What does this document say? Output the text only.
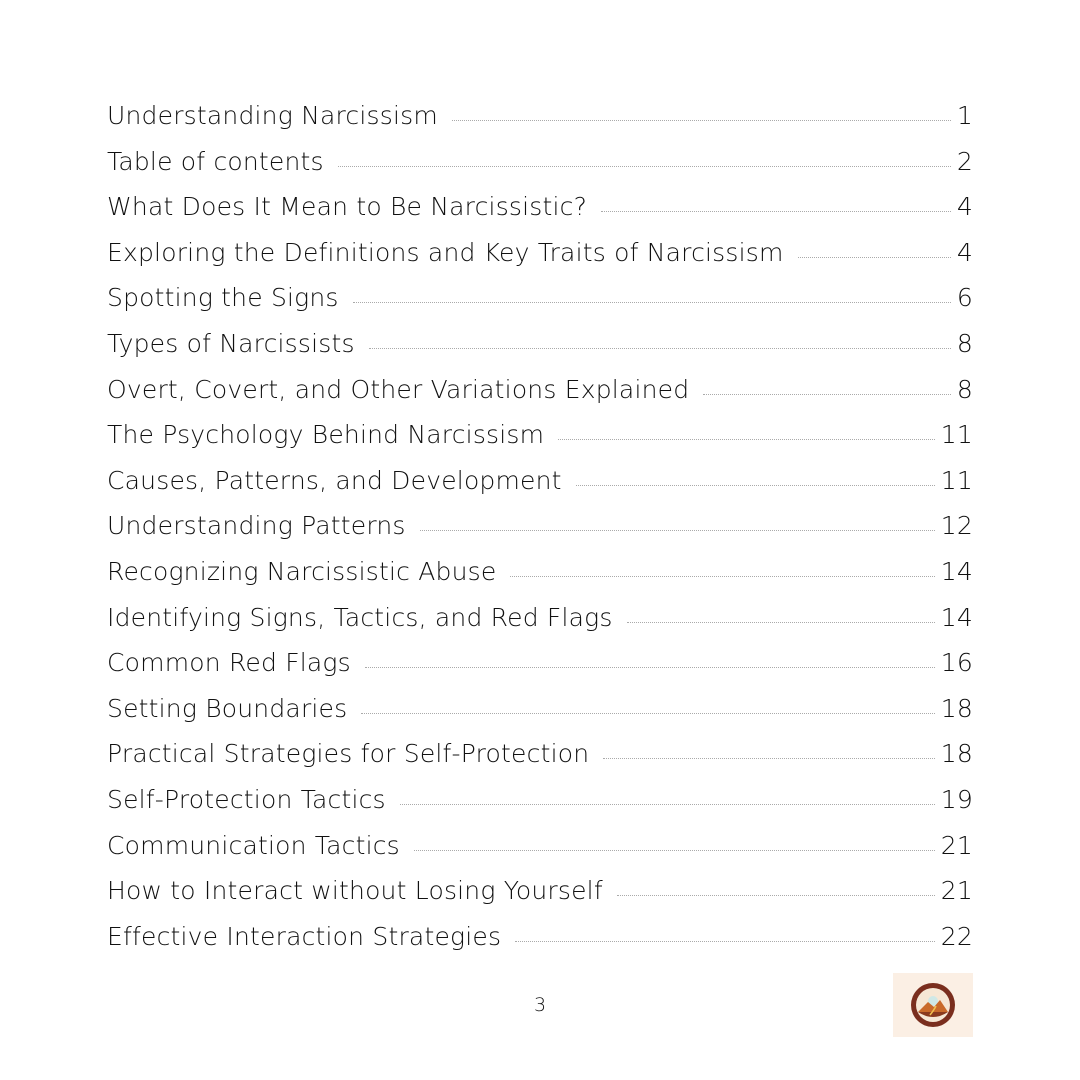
Understanding Narcissism	1
Table of contents	2
What Does It Mean to Be Narcissistic?	4
Exploring the Definitions and Key Traits of Narcissism	4
Spotting the Signs	6
Types of Narcissists	8
Overt, Covert, and Other Variations Explained	8
The Psychology Behind Narcissism	11
Causes, Patterns, and Development	11
Understanding Patterns	12
Recognizing Narcissistic Abuse	14
Identifying Signs, Tactics, and Red Flags	14
Common Red Flags	16
Setting Boundaries	18
Practical Strategies for Self-Protection	18
Self-Protection Tactics	19
Communication Tactics	21
How to Interact without Losing Yourself	21
Effective Interaction Strategies	22
3
